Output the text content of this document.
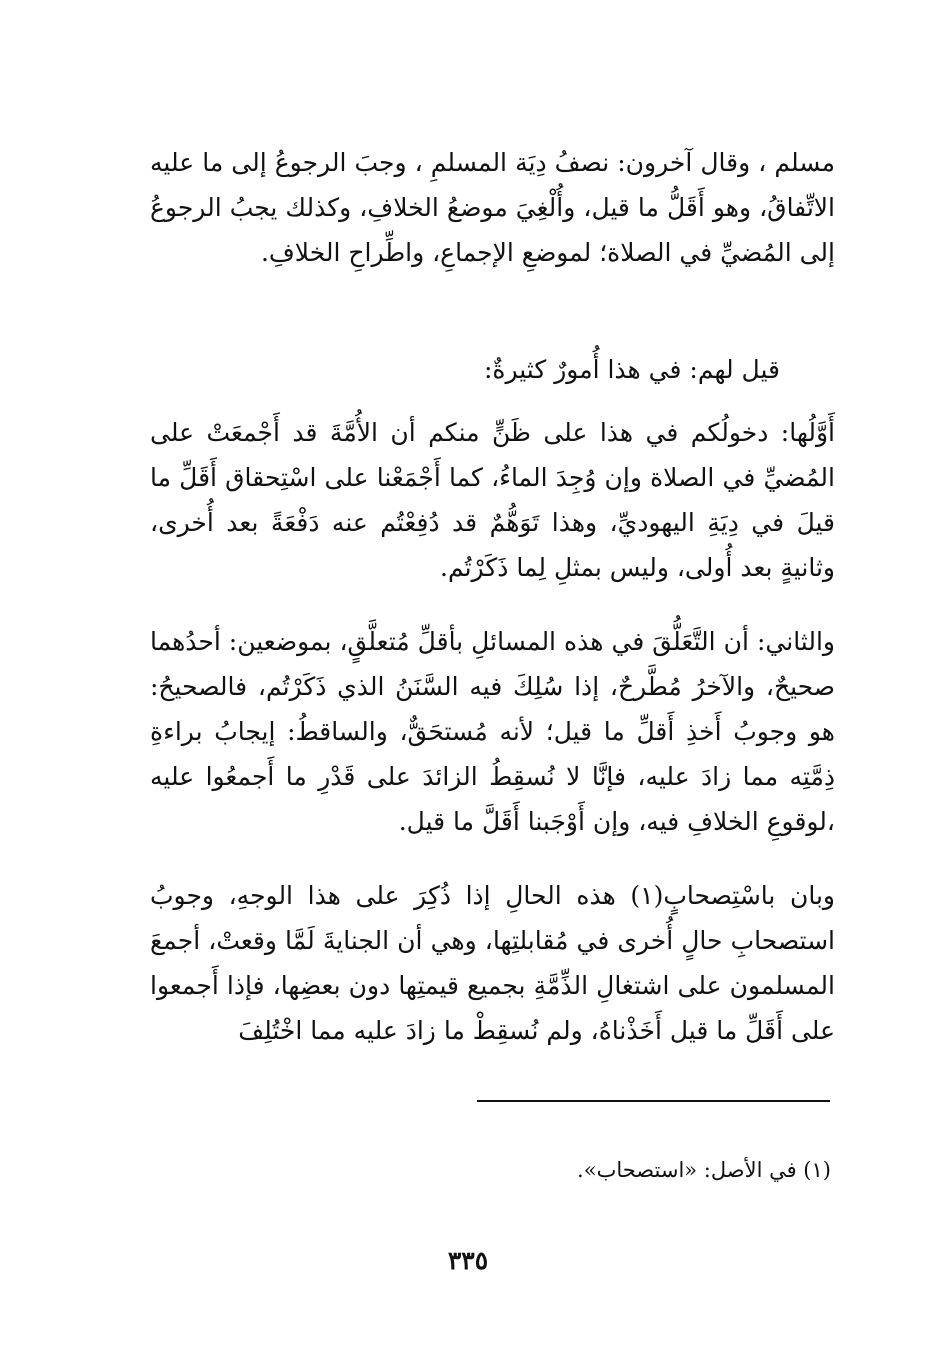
مسلم ، وقال آخرون: نصفُ دِيَة المسلمِ ، وجبَ الرجوعُ إلى ما عليه الاتِّفاقُ، وهو أَقَلُّ ما قيل، وأُلْغِيَ موضعُ الخلافِ، وكذلك يجبُ الرجوعُ إلى المُضيِّ في الصلاة؛ لموضعِ الإجماعِ، واطِّراحِ الخلافِ.

قيل لهم: في هذا أُمورٌ كثيرةٌ:

أَوَّلُها: دخولُكم في هذا على ظَنٍّ منكم أن الأُمَّةَ قد أَجْمعَتْ على المُضيِّ في الصلاة وإن وُجِدَ الماءُ، كما أَجْمَعْنا على اسْتِحقاق أَقَلِّ ما قيلَ في دِيَةِ اليهوديِّ، وهذا تَوَهُّمٌ قد دُفِعْتُم عنه دَفْعَةً بعد أُخرى، وثانيةٍ بعد أُولى، وليس بمثلِ لِما ذَكَرْتُم.

والثاني: أن التَّعَلُّقَ في هذه المسائلِ بأقلِّ مُتعلَّقٍ، بموضعين: أحدُهما صحيحٌ، والآخرُ مُطَّرحٌ، إذا سُلِكَ فيه السَّنَنُ الذي ذَكَرْتُم، فالصحيحُ: هو وجوبُ أَخذِ أَقلِّ ما قيل؛ لأنه مُستحَقٌّ، والساقطُ: إيجابُ براءةِ ذِمَّتِه مما زادَ عليه، فإنَّا لا نُسقِطُ الزائدَ على قَدْرِ ما أَجمعُوا عليه ،لوقوعِ الخلافِ فيه، وإن أَوْجَبنا أَقَلَّ ما قيل.

وبان باسْتِصحابٍ(١) هذه الحالِ إذا ذُكِرَ على هذا الوجهِ، وجوبُ استصحابِ حالٍ أُخرى في مُقابلتِها، وهي أن الجنايةَ لَمَّا وقعتْ، أجمعَ المسلمون على اشتغالِ الذِّمَّةِ بجميع قيمتِها دون بعضِها، فإذا أَجمعوا على أَقَلِّ ما قيل أَخَذْناهُ، ولم نُسقِطْ ما زادَ عليه مما اخْتُلِفَ

(١) في الأصل: «استصحاب».

٣٣٥
